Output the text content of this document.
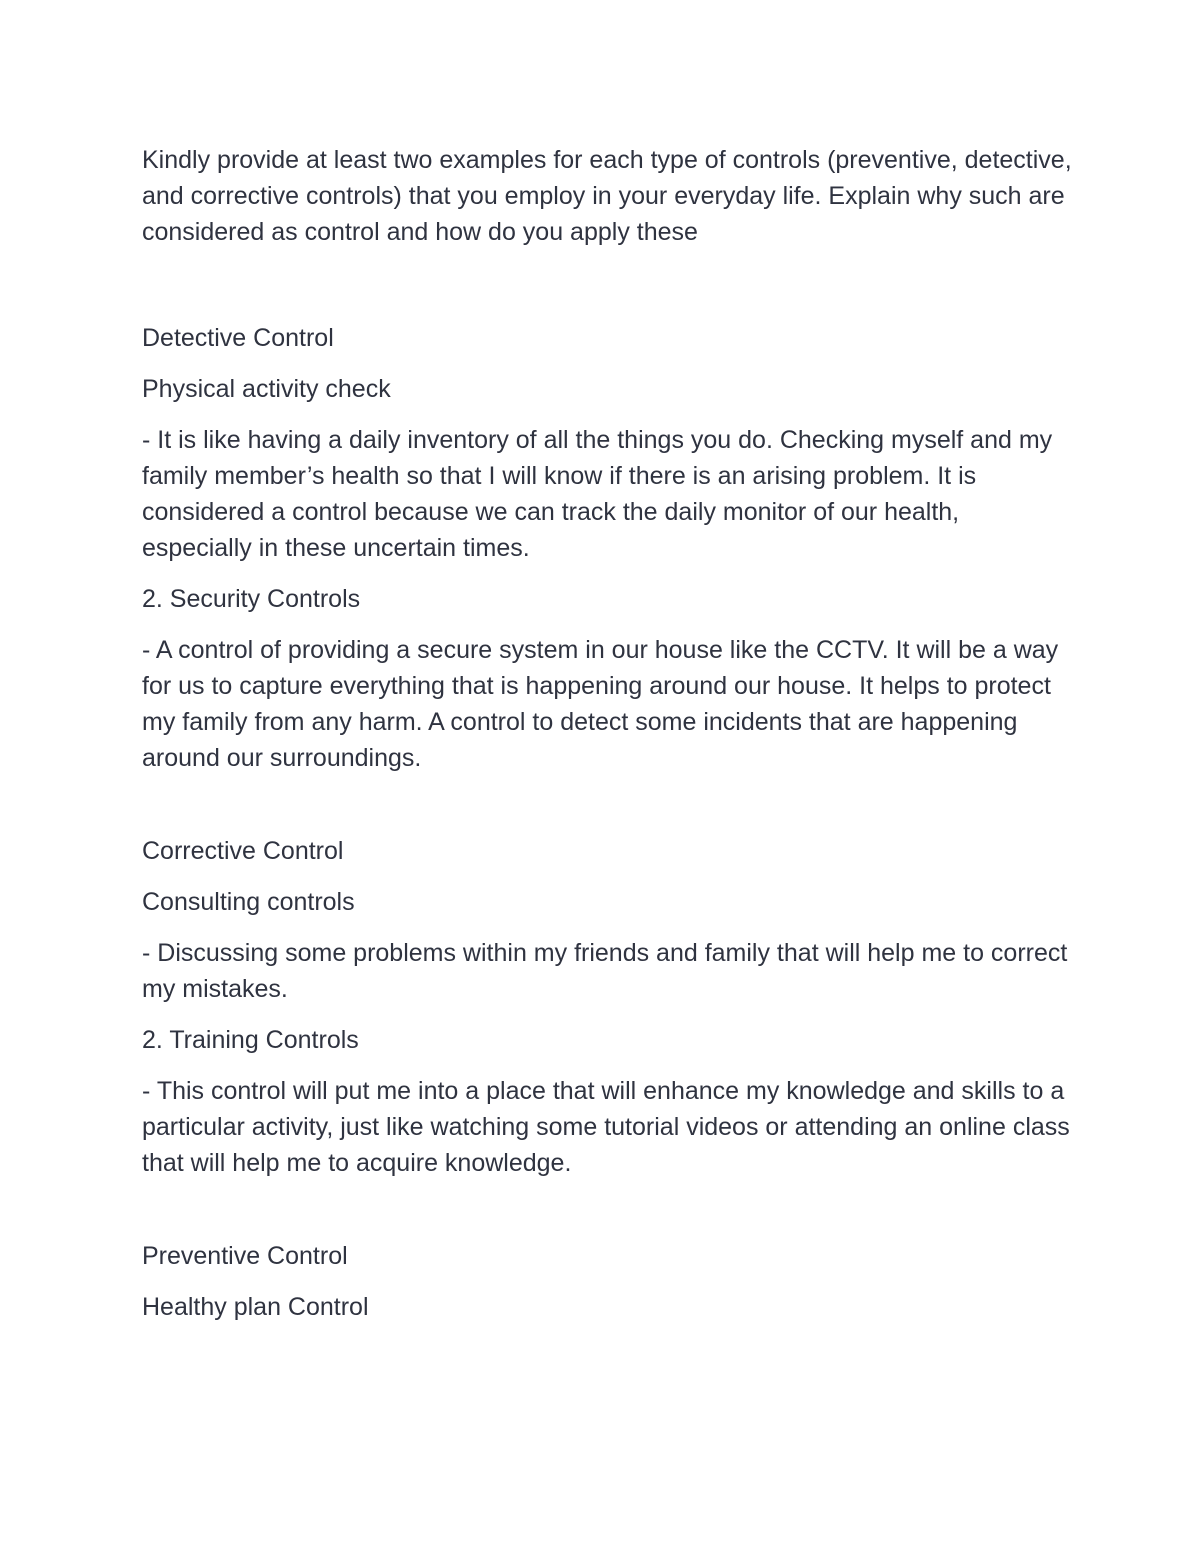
Kindly provide at least two examples for each type of controls (preventive, detective, and corrective controls) that you employ in your everyday life. Explain why such are considered as control and how do you apply these

Detective Control

Physical activity check

- It is like having a daily inventory of all the things you do. Checking myself and my family member’s health so that I will know if there is an arising problem. It is considered a control because we can track the daily monitor of our health, especially in these uncertain times.

2. Security Controls

- A control of providing a secure system in our house like the CCTV. It will be a way for us to capture everything that is happening around our house. It helps to protect my family from any harm. A control to detect some incidents that are happening around our surroundings.

Corrective Control

Consulting controls

- Discussing some problems within my friends and family that will help me to correct my mistakes.

2. Training Controls

- This control will put me into a place that will enhance my knowledge and skills to a particular activity, just like watching some tutorial videos or attending an online class that will help me to acquire knowledge.

Preventive Control

Healthy plan Control
